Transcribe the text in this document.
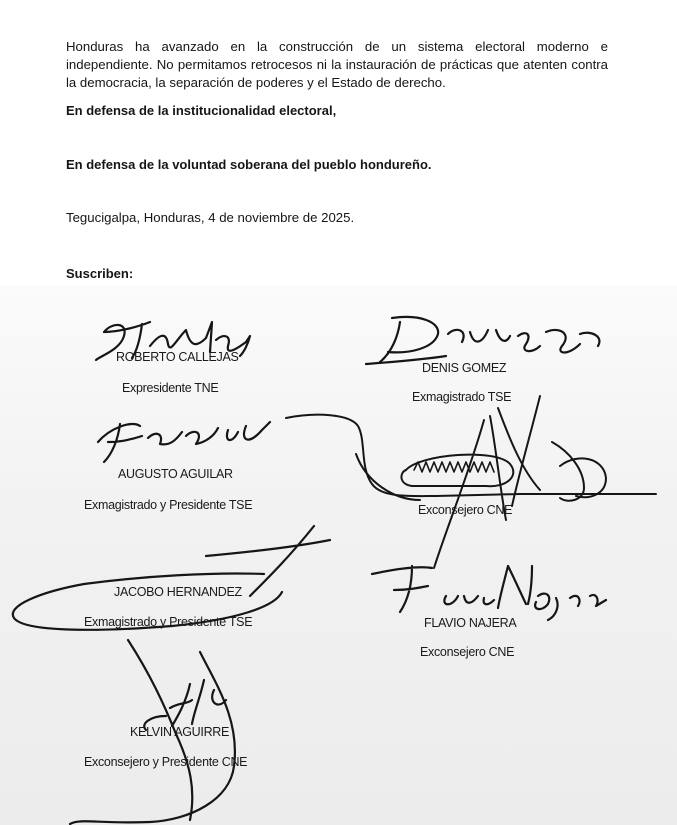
Honduras ha avanzado en la construcción de un sistema electoral moderno e independiente. No permitamos retrocesos ni la instauración de prácticas que atenten contra la democracia, la separación de poderes y el Estado de derecho.

En defensa de la institucionalidad electoral,

En defensa de la voluntad soberana del pueblo hondureño.

Tegucigalpa, Honduras, 4 de noviembre de 2025.

Suscriben:

ROBERTO CALLEJAS

Expresidente TNE

DENIS GOMEZ

Exmagistrado TSE

AUGUSTO AGUILAR

Exmagistrado y Presidente TSE	Exconsejero CNE

JACOBO HERNANDEZ

Exmagistrado y Presidente TSE	FLAVIO NAJERA

Exconsejero CNE

KELVIN AGUIRRE

Exconsejero y Presidente CNE
